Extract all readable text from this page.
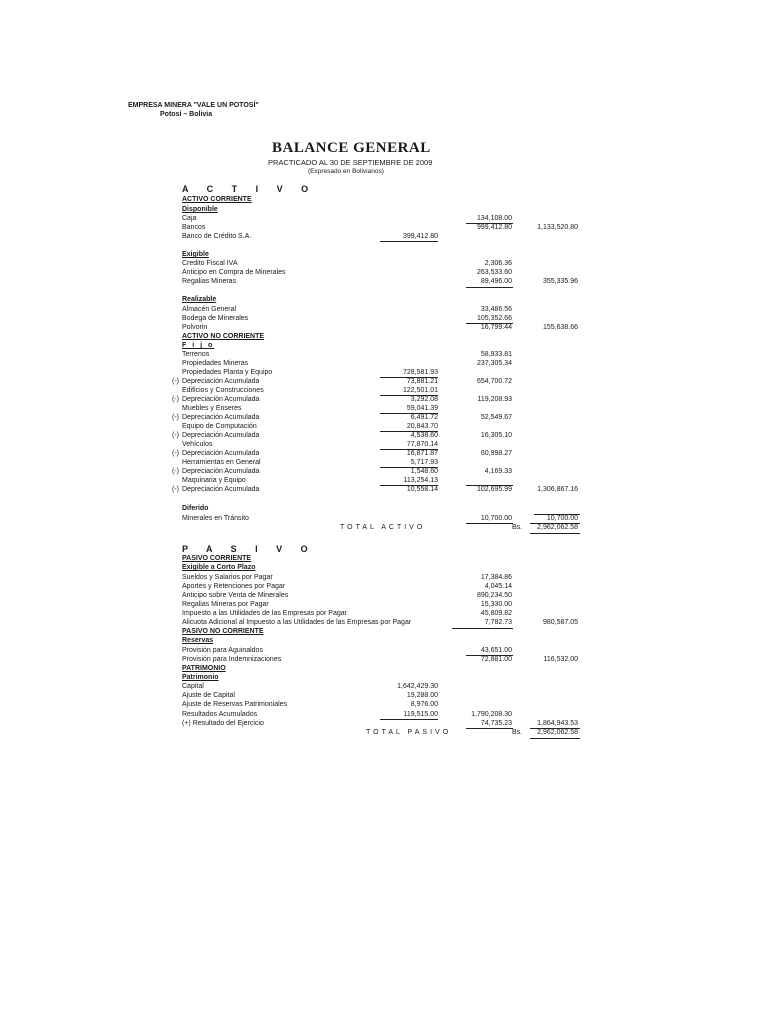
EMPRESA MINERA "VALE UN POTOSÍ"
Potosí – Bolivia
BALANCE GENERAL
PRACTICADO AL 30 DE SEPTIEMBRE DE 2009
(Expresado en Bolivianos)
A C T I V O
ACTIVO CORRIENTE
Disponible
Caja	134,108.00
Bancos	999,412.80	1,133,520.80
Banco de Crédito S.A.	399,412.80
Exigible
Credito Fiscal IVA	2,306.36
Anticipo en Compra de Minerales	263,533.60
Regalias Mineras	89,496.00	355,335.96
Realizable
Almacén General	33,486.56
Bodega de Minerales	105,352.66
Polvorin	16,799.44	155,638.66
ACTIVO NO CORRIENTE
F i j o
Terrenos	58,933.81
Propiedades Mineras	237,305.34
Propiedades Planta y Equipo	728,581.93
(-) Depreciación Acumulada	73,881.21	654,700.72
Edificios y Construcciones	122,501.01
(-) Depreciación Acumulada	3,292.08	119,208.93
Muebles y Enseres	59,041.39
(-) Depreciación Acumulada	6,491.72	52,549.67
Equipo de Computación	20,843.70
(-) Depreciación Acumulada	4,538.60	16,305.10
Vehículos	77,870.14
(-) Depreciación Acumulada	16,871.87	60,998.27
Herramientas en General	5,717.93
(-) Depreciación Acumulada	1,548.60	4,169.33
Maquinaria y Equipo	113,254.13
(-) Depreciación Acumulada	10,558.14	102,695.99	1,306,867.16
Diferido
Minerales en Tránsito	10,700.00	10,700.00
TOTAL ACTIVO	Bs.	2,962,062.58
P A S I V O
PASIVO CORRIENTE
Exigible a Corto Plazo
Sueldos y Salarios por Pagar	17,384.86
Aportes y Retenciones por Pagar	4,045.14
Anticipo sobre Venta de Minerales	890,234.50
Regalias Mineras por Pagar	15,330.00
Impuesto a las Utilidades de las Empresas por Pagar	45,809.82
Alicuota Adicional al Impuesto a las Utilidades de las Empresas por Pagar	7,782.73	980,587.05
PASIVO NO CORRIENTE
Reservas
Provisión para Aguinaldos	43,651.00
Provisión para Indemnizaciones	72,881.00	116,532.00
PATRIMONIO
Patrimonio
Capital	1,642,429.30
Ajuste de Capital	19,288.00
Ajuste de Reservas Patrimoniales	8,976.00
Resultados Acumulados	119,515.00	1,790,208.30
(+) Resultado del Ejercicio	74,735.23	1,864,943.53
TOTAL PASIVO	Bs.	2,962,062.58
